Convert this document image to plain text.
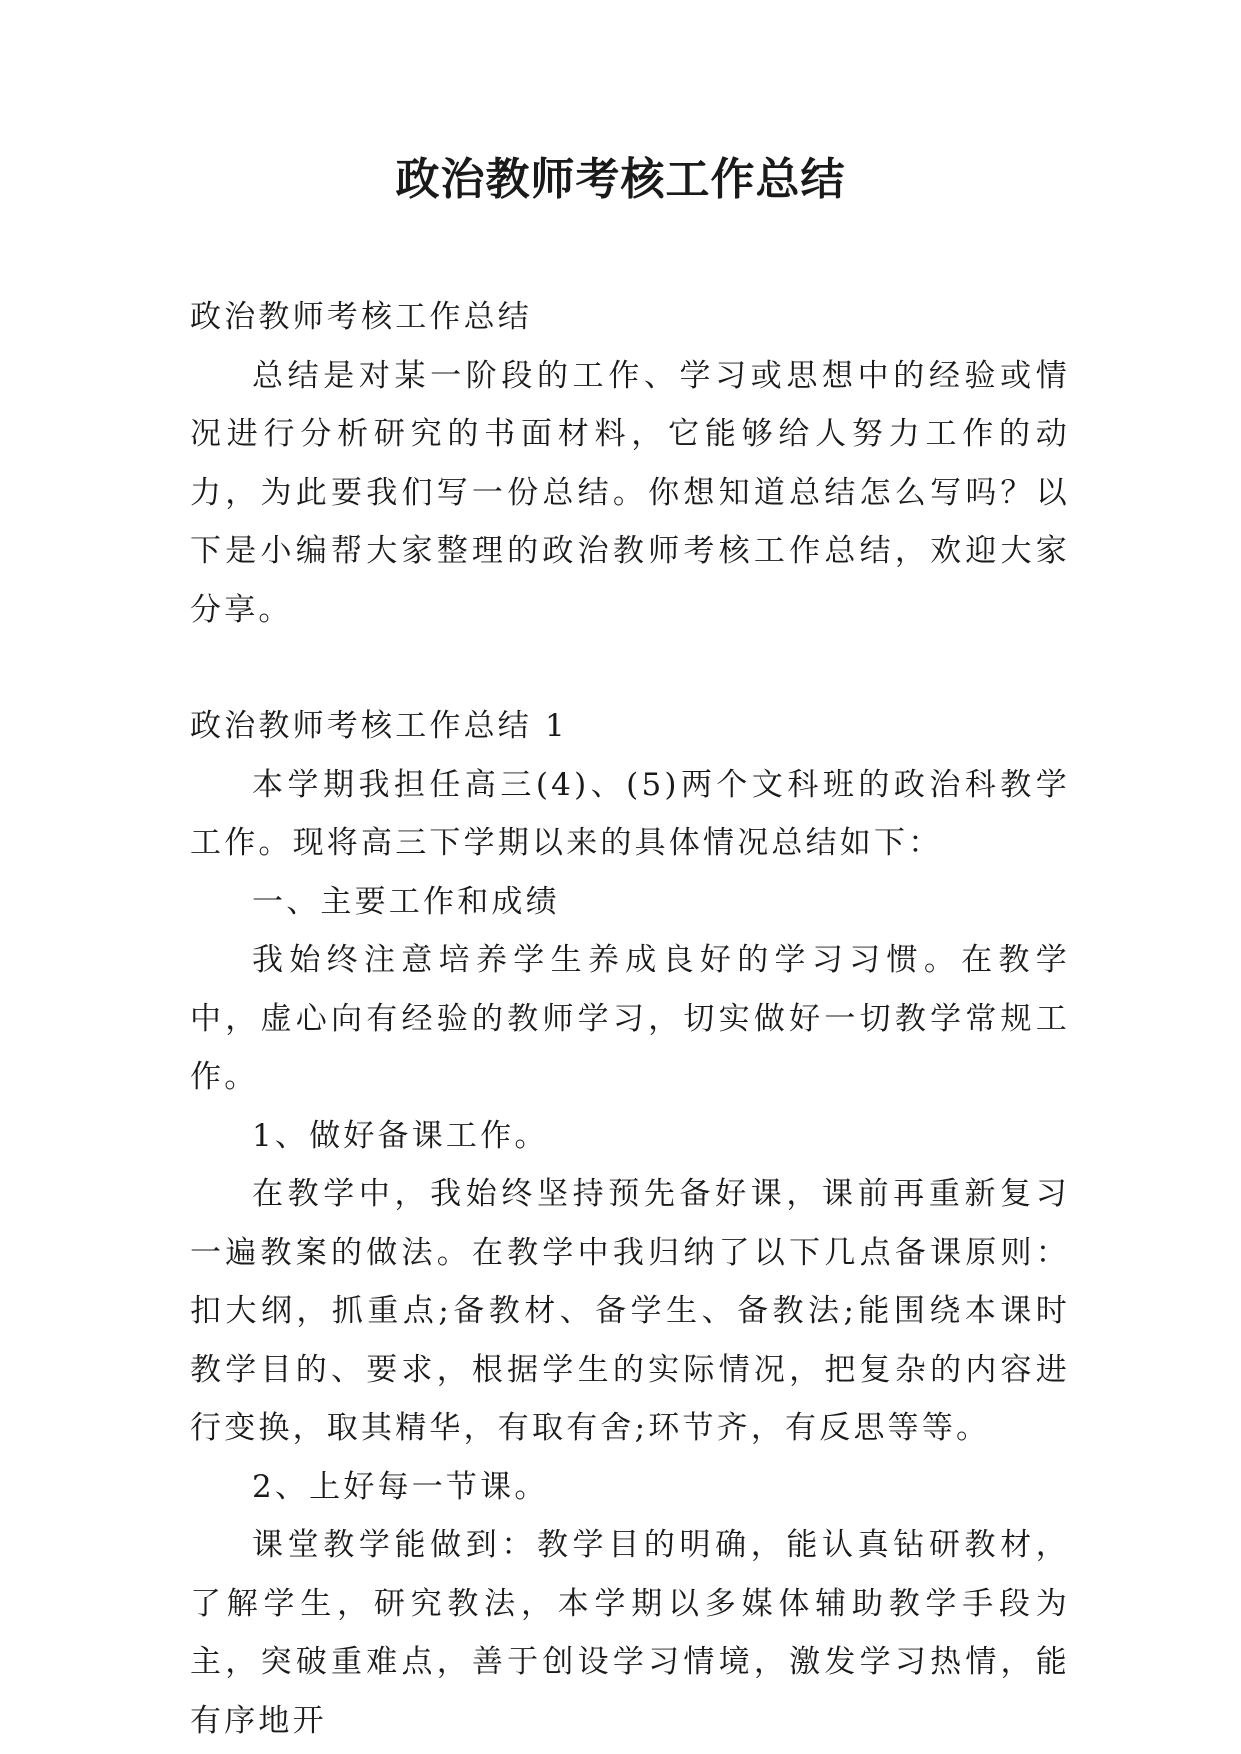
政治教师考核工作总结

政治教师考核工作总结

总结是对某一阶段的工作、学习或思想中的经验或情况进行分析研究的书面材料，它能够给人努力工作的动力，为此要我们写一份总结。你想知道总结怎么写吗？以下是小编帮大家整理的政治教师考核工作总结，欢迎大家分享。

政治教师考核工作总结 1

本学期我担任高三(4)、(5)两个文科班的政治科教学工作。现将高三下学期以来的具体情况总结如下：

一、主要工作和成绩

我始终注意培养学生养成良好的学习习惯。在教学中，虚心向有经验的教师学习，切实做好一切教学常规工作。

1、做好备课工作。

在教学中，我始终坚持预先备好课，课前再重新复习一遍教案的做法。在教学中我归纳了以下几点备课原则：扣大纲，抓重点;备教材、备学生、备教法;能围绕本课时教学目的、要求，根据学生的实际情况，把复杂的内容进行变换，取其精华，有取有舍;环节齐，有反思等等。

2、上好每一节课。

课堂教学能做到：教学目的明确，能认真钻研教材，了解学生，研究教法，本学期以多媒体辅助教学手段为主，突破重难点，善于创设学习情境，激发学习热情，能有序地开
